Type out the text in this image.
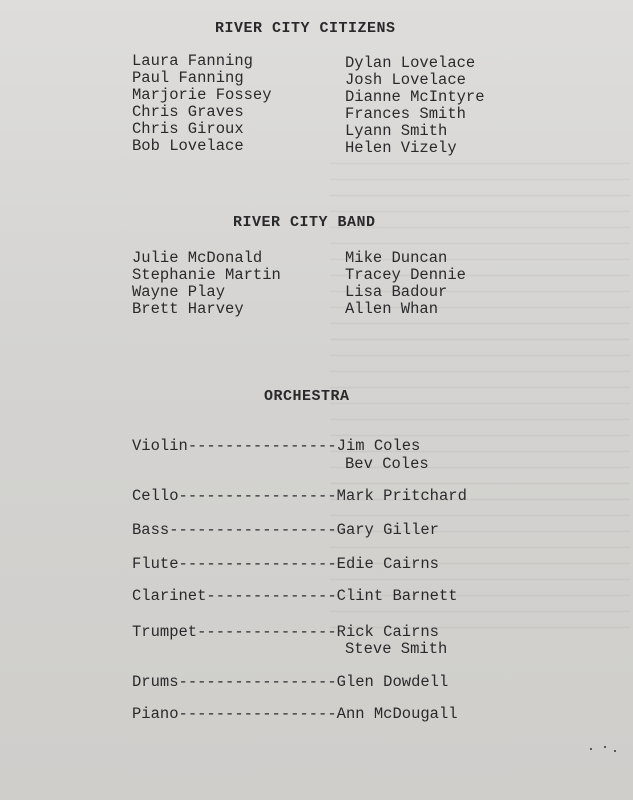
RIVER CITY CITIZENS
Laura Fanning
Paul Fanning
Marjorie Fossey
Chris Graves
Chris Giroux
Bob Lovelace
Dylan Lovelace
Josh Lovelace
Dianne McIntyre
Frances Smith
Lyann Smith
Helen Vizely
RIVER CITY BAND
Julie McDonald
Stephanie Martin
Wayne Play
Brett Harvey
Mike Duncan
Tracey Dennie
Lisa Badour
Allen Whan
ORCHESTRA
Violin----------------Jim Coles
Bev Coles
Cello-----------------Mark Pritchard
Bass------------------Gary Giller
Flute-----------------Edie Cairns
Clarinet--------------Clint Barnett
Trumpet---------------Rick Cairns
Steve Smith
Drums-----------------Glen Dowdell
Piano-----------------Ann McDougall
